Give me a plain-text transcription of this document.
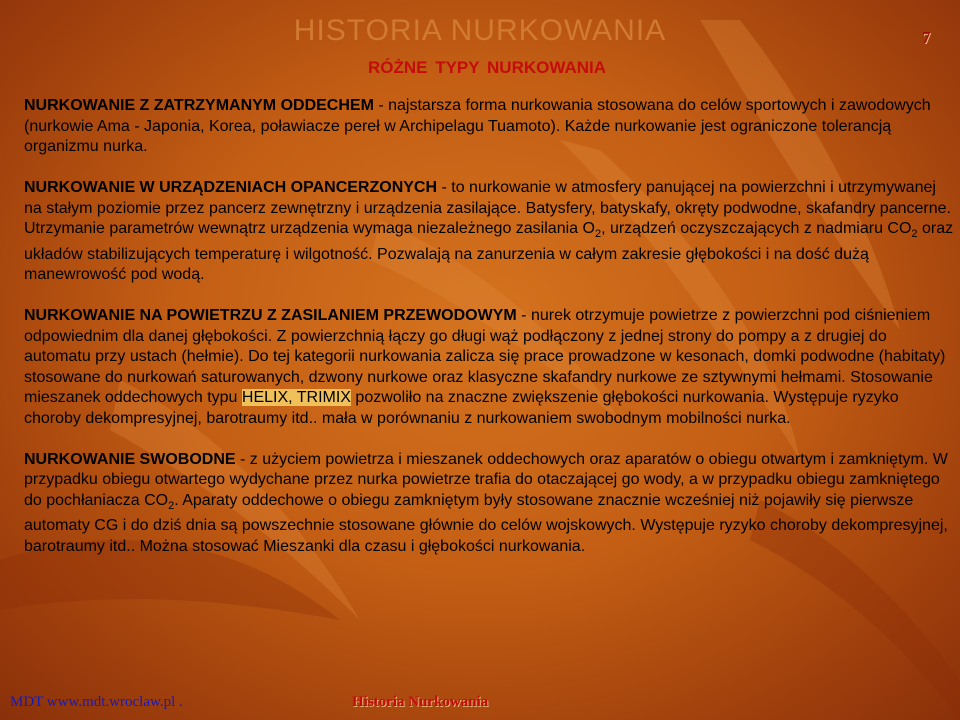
HISTORIA NURKOWANIA	7
RÓŻNE TYPY NURKOWANIA

NURKOWANIE Z ZATRZYMANYM ODDECHEM - najstarsza forma nurkowania stosowana do celów sportowych i zawodowych (nurkowie Ama - Japonia, Korea, poławiacze pereł w Archipelagu Tuamoto). Każde nurkowanie jest ograniczone tolerancją organizmu nurka.

NURKOWANIE W URZĄDZENIACH OPANCERZONYCH - to nurkowanie w atmosfery panującej na powierzchni i utrzymywanej na stałym poziomie przez pancerz zewnętrzny i urządzenia zasilające. Batysfery, batyskafy, okręty podwodne, skafandry pancerne. Utrzymanie parametrów wewnątrz urządzenia wymaga niezależnego zasilania $O_2$, urządzeń oczyszczających z nadmiaru $CO_2$ oraz układów stabilizujących temperaturę i wilgotność. Pozwalają na zanurzenia w całym zakresie głębokości i na dość dużą manewrowość pod wodą.

NURKOWANIE NA POWIETRZU Z ZASILANIEM PRZEWODOWYM - nurek otrzymuje powietrze z powierzchni pod ciśnieniem odpowiednim dla danej głębokości. Z powierzchnią łączy go długi wąż podłączony z jednej strony do pompy a z drugiej do automatu przy ustach (hełmie). Do tej kategorii nurkowania zalicza się prace prowadzone w kesonach, domki podwodne (habitaty) stosowane do nurkowań saturowanych, dzwony nurkowe oraz klasyczne skafandry nurkowe ze sztywnymi hełmami. Stosowanie mieszanek oddechowych typu HELIX, TRIMIX pozwoliło na znaczne zwiększenie głębokości nurkowania. Występuje ryzyko choroby dekompresyjnej, barotraumy itd.. mała w porównaniu z nurkowaniem swobodnym mobilności nurka.

NURKOWANIE SWOBODNE - z użyciem powietrza i mieszanek oddechowych oraz aparatów o obiegu otwartym i zamkniętym. W przypadku obiegu otwartego wydychane przez nurka powietrze trafia do otaczającej go wody, a w przypadku obiegu zamkniętego do pochłaniacza $CO_2$. Aparaty oddechowe o obiegu zamkniętym były stosowane znacznie wcześniej niż pojawiły się pierwsze automaty CG i do dziś dnia są powszechnie stosowane głównie do celów wojskowych. Występuje ryzyko choroby dekompresyjnej, barotraumy itd.. Można stosować Mieszanki dla czasu i głębokości nurkowania.

MDT www.mdt.wroclaw.pl .	Historia Nurkowania
